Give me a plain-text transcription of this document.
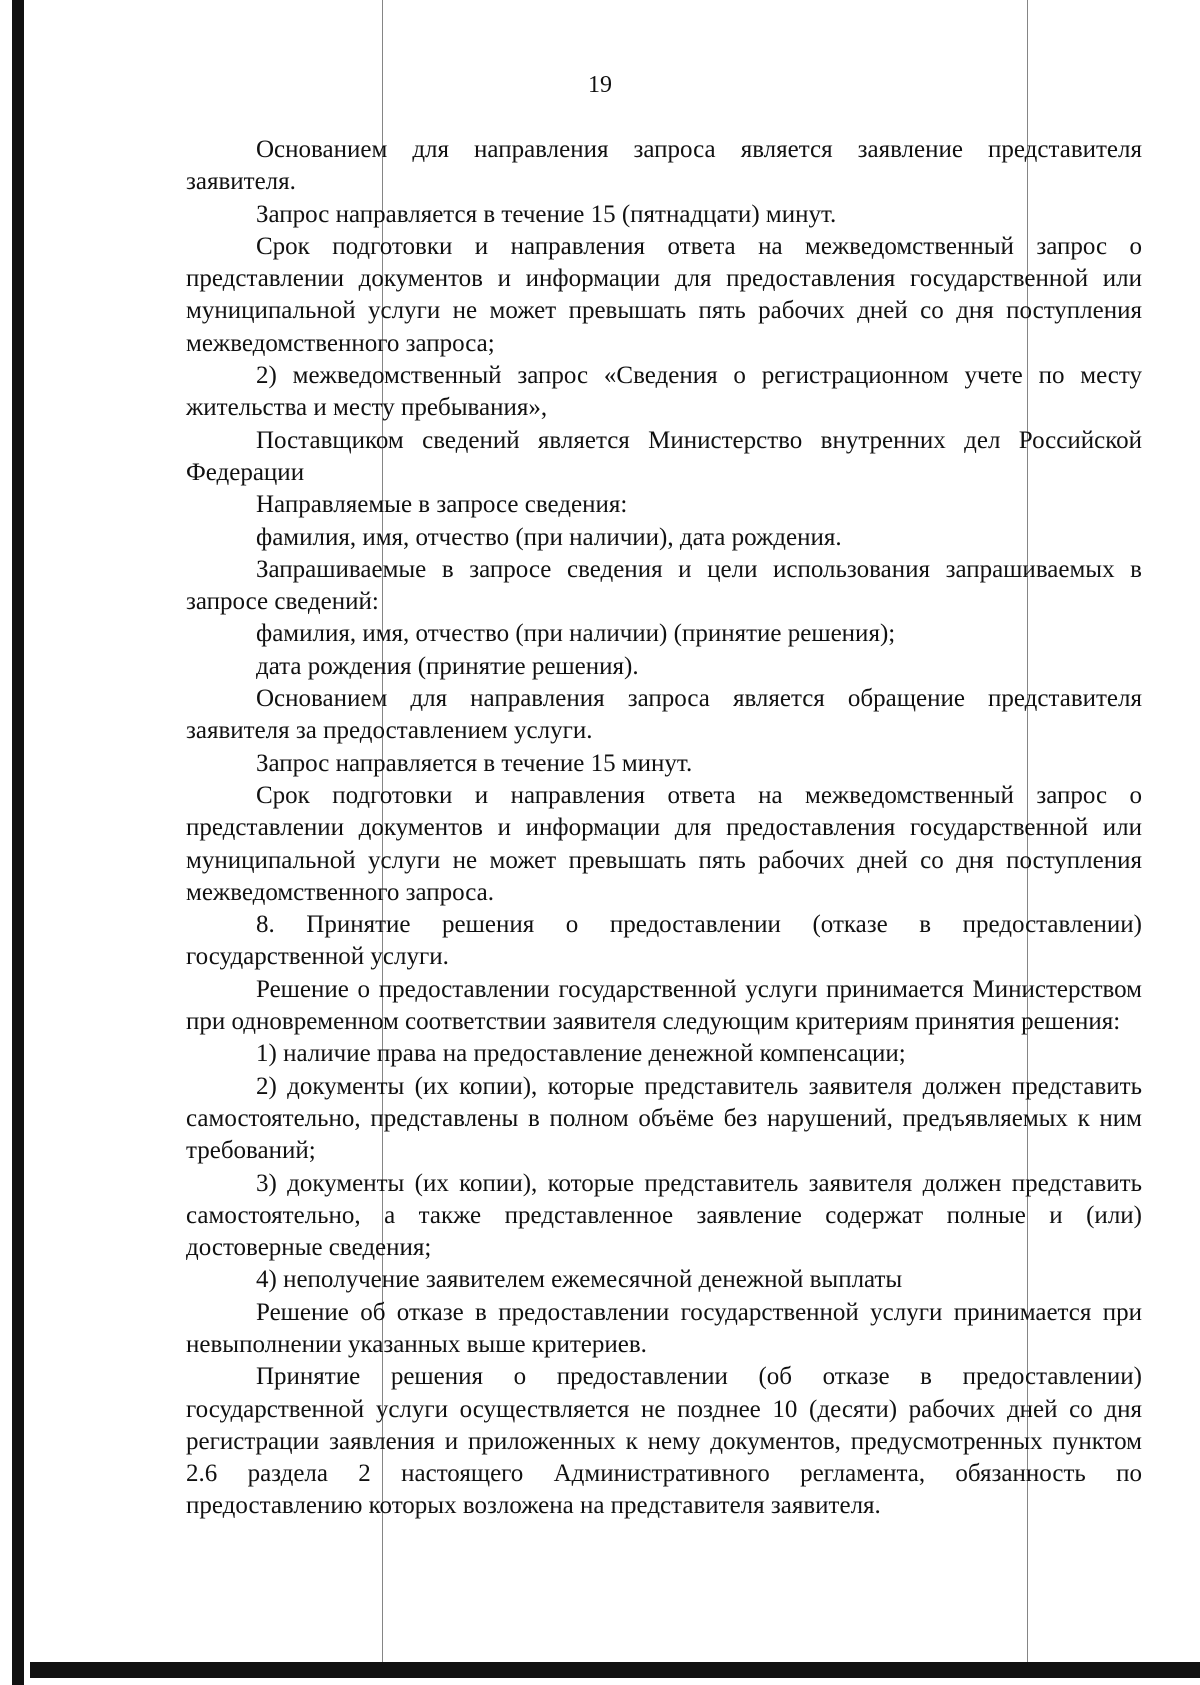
19

Основанием для направления запроса является заявление представителя заявителя.

Запрос направляется в течение 15 (пятнадцати) минут.

Срок подготовки и направления ответа на межведомственный запрос о представлении документов и информации для предоставления государственной или муниципальной услуги не может превышать пять рабочих дней со дня поступления межведомственного запроса;

2) межведомственный запрос «Сведения о регистрационном учете по месту жительства и месту пребывания»,

Поставщиком сведений является Министерство внутренних дел Российской Федерации

Направляемые в запросе сведения:

фамилия, имя, отчество (при наличии), дата рождения.

Запрашиваемые в запросе сведения и цели использования запрашиваемых в запросе сведений:

фамилия, имя, отчество (при наличии) (принятие решения);

дата рождения (принятие решения).

Основанием для направления запроса является обращение представителя заявителя за предоставлением услуги.

Запрос направляется в течение 15 минут.

Срок подготовки и направления ответа на межведомственный запрос о представлении документов и информации для предоставления государственной или муниципальной услуги не может превышать пять рабочих дней со дня поступления межведомственного запроса.

8. Принятие решения о предоставлении (отказе в предоставлении) государственной услуги.

Решение о предоставлении государственной услуги принимается Министерством при одновременном соответствии заявителя следующим критериям принятия решения:

1) наличие права на предоставление денежной компенсации;

2) документы (их копии), которые представитель заявителя должен представить самостоятельно, представлены в полном объёме без нарушений, предъявляемых к ним требований;

3) документы (их копии), которые представитель заявителя должен представить самостоятельно, а также представленное заявление содержат полные и (или) достоверные сведения;

4) неполучение заявителем ежемесячной денежной выплаты

Решение об отказе в предоставлении государственной услуги принимается при невыполнении указанных выше критериев.

Принятие решения о предоставлении (об отказе в предоставлении) государственной услуги осуществляется не позднее 10 (десяти) рабочих дней со дня регистрации заявления и приложенных к нему документов, предусмотренных пунктом 2.6 раздела 2 настоящего Административного регламента, обязанность по предоставлению которых возложена на представителя заявителя.
